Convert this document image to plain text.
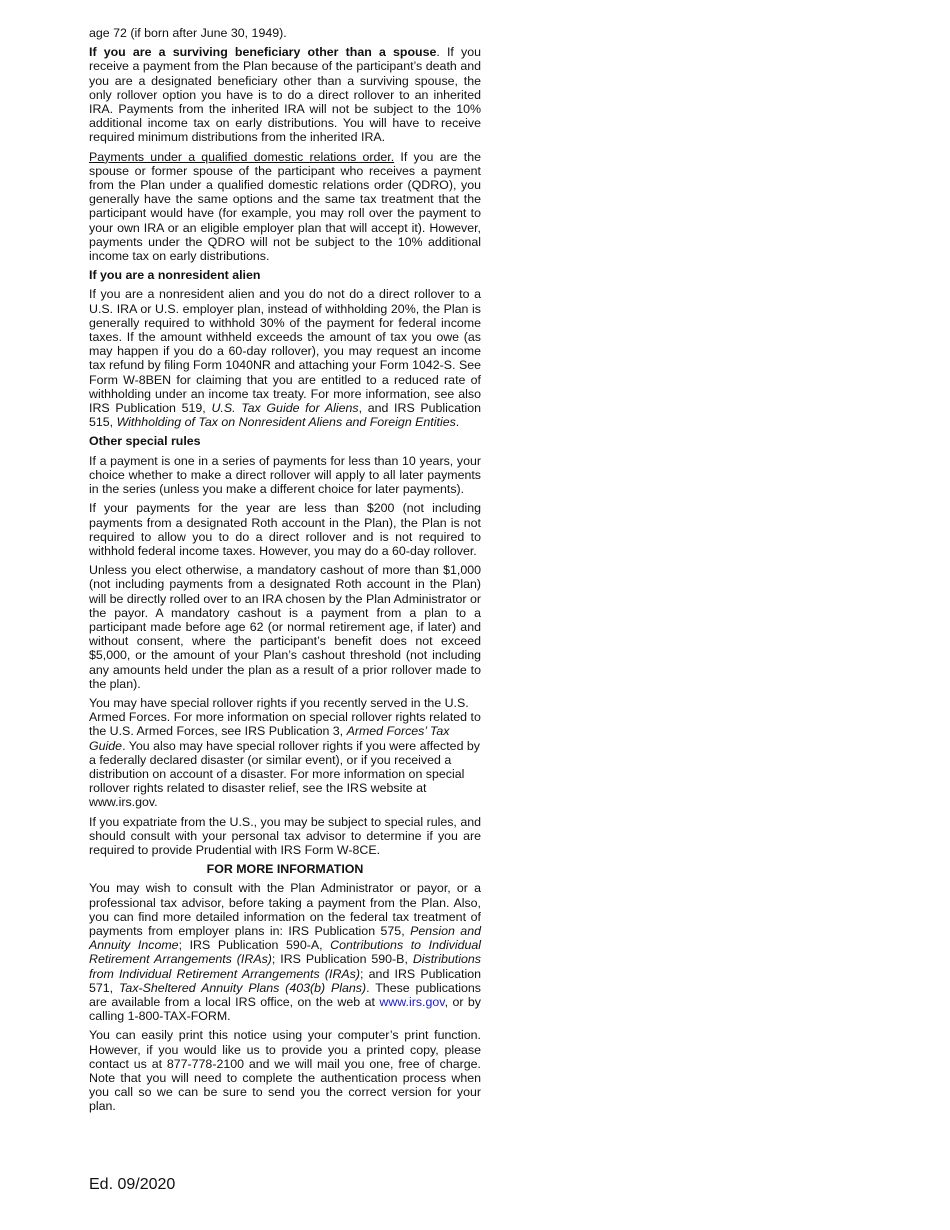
age 72 (if born after June 30, 1949).

If you are a surviving beneficiary other than a spouse. If you receive a payment from the Plan because of the participant’s death and you are a designated beneficiary other than a surviving spouse, the only rollover option you have is to do a direct rollover to an inherited IRA. Payments from the inherited IRA will not be subject to the 10% additional income tax on early distributions. You will have to receive required minimum distributions from the inherited IRA.

Payments under a qualified domestic relations order. If you are the spouse or former spouse of the participant who receives a payment from the Plan under a qualified domestic relations order (QDRO), you generally have the same options and the same tax treatment that the participant would have (for example, you may roll over the payment to your own IRA or an eligible employer plan that will accept it). However, payments under the QDRO will not be subject to the 10% additional income tax on early distributions.

If you are a nonresident alien

If you are a nonresident alien and you do not do a direct rollover to a U.S. IRA or U.S. employer plan, instead of withholding 20%, the Plan is generally required to withhold 30% of the payment for federal income taxes. If the amount withheld exceeds the amount of tax you owe (as may happen if you do a 60-day rollover), you may request an income tax refund by filing Form 1040NR and attaching your Form 1042-S. See Form W-8BEN for claiming that you are entitled to a reduced rate of withholding under an income tax treaty. For more information, see also IRS Publication 519, U.S. Tax Guide for Aliens, and IRS Publication 515, Withholding of Tax on Nonresident Aliens and Foreign Entities.

Other special rules

If a payment is one in a series of payments for less than 10 years, your choice whether to make a direct rollover will apply to all later payments in the series (unless you make a different choice for later payments).

If your payments for the year are less than $200 (not including payments from a designated Roth account in the Plan), the Plan is not required to allow you to do a direct rollover and is not required to withhold federal income taxes. However, you may do a 60-day rollover.

Unless you elect otherwise, a mandatory cashout of more than $1,000 (not including payments from a designated Roth account in the Plan) will be directly rolled over to an IRA chosen by the Plan Administrator or the payor. A mandatory cashout is a payment from a plan to a participant made before age 62 (or normal retirement age, if later) and without consent, where the participant’s benefit does not exceed $5,000, or the amount of your Plan’s cashout threshold (not including any amounts held under the plan as a result of a prior rollover made to the plan).

You may have special rollover rights if you recently served in the U.S. Armed Forces. For more information on special rollover rights related to the U.S. Armed Forces, see IRS Publication 3, Armed Forces’ Tax Guide. You also may have special rollover rights if you were affected by a federally declared disaster (or similar event), or if you received a distribution on account of a disaster. For more information on special rollover rights related to disaster relief, see the IRS website at www.irs.gov.

If you expatriate from the U.S., you may be subject to special rules, and should consult with your personal tax advisor to determine if you are required to provide Prudential with IRS Form W-8CE.

FOR MORE INFORMATION

You may wish to consult with the Plan Administrator or payor, or a professional tax advisor, before taking a payment from the Plan. Also, you can find more detailed information on the federal tax treatment of payments from employer plans in: IRS Publication 575, Pension and Annuity Income; IRS Publication 590-A, Contributions to Individual Retirement Arrangements (IRAs); IRS Publication 590-B, Distributions from Individual Retirement Arrangements (IRAs); and IRS Publication 571, Tax-Sheltered Annuity Plans (403(b) Plans). These publications are available from a local IRS office, on the web at www.irs.gov, or by calling 1-800-TAX-FORM.

You can easily print this notice using your computer’s print function. However, if you would like us to provide you a printed copy, please contact us at 877-778-2100 and we will mail you one, free of charge. Note that you will need to complete the authentication process when you call so we can be sure to send you the correct version for your plan.

Ed. 09/2020
